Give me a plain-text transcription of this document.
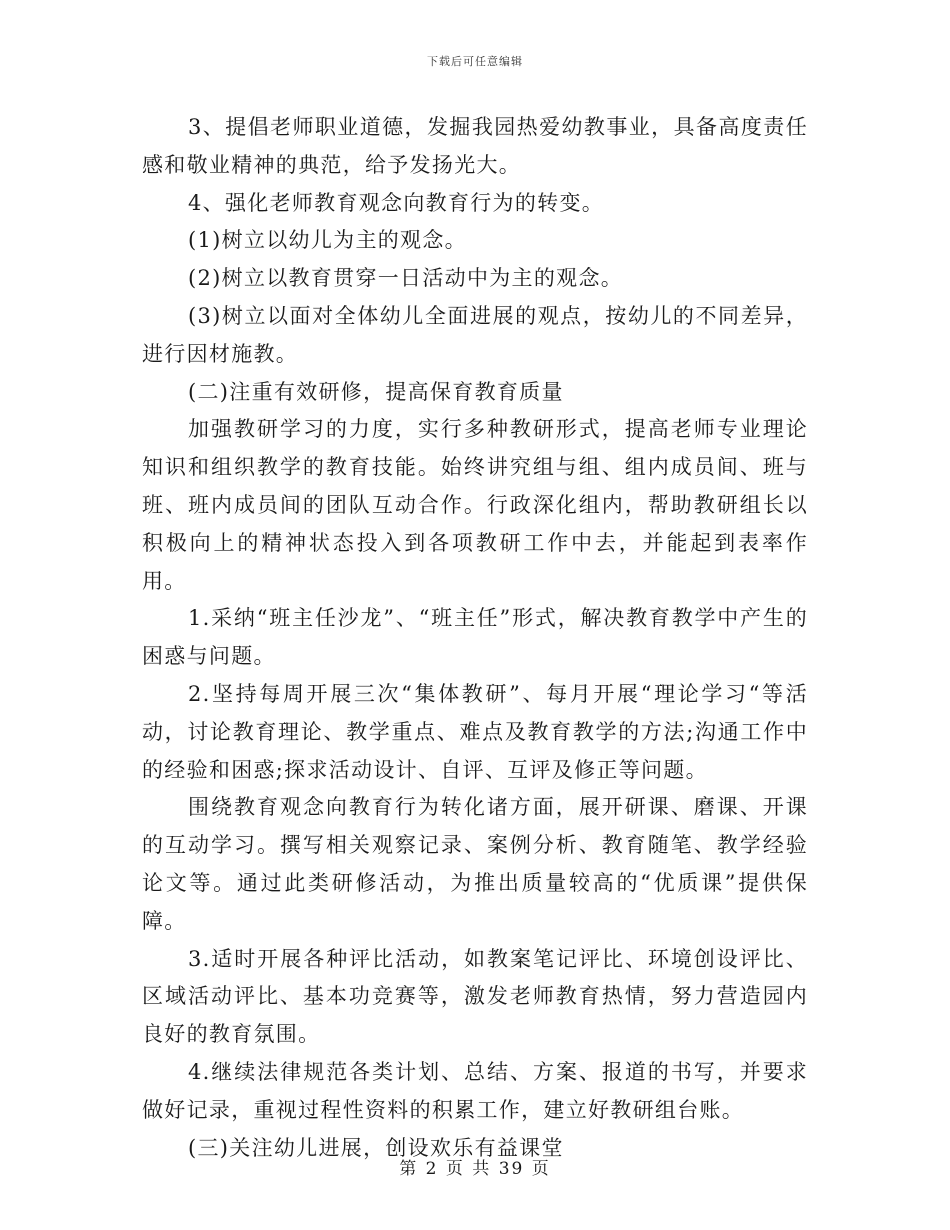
下载后可任意编辑

3、提倡老师职业道德，发掘我园热爱幼教事业，具备高度责任感和敬业精神的典范，给予发扬光大。

4、强化老师教育观念向教育行为的转变。

(1)树立以幼儿为主的观念。

(2)树立以教育贯穿一日活动中为主的观念。

(3)树立以面对全体幼儿全面进展的观点，按幼儿的不同差异，进行因材施教。

(二)注重有效研修，提高保育教育质量

加强教研学习的力度，实行多种教研形式，提高老师专业理论知识和组织教学的教育技能。始终讲究组与组、组内成员间、班与班、班内成员间的团队互动合作。行政深化组内，帮助教研组长以积极向上的精神状态投入到各项教研工作中去，并能起到表率作用。

1.采纳“班主任沙龙”、“班主任”形式，解决教育教学中产生的困惑与问题。

2.坚持每周开展三次“集体教研”、每月开展“理论学习“等活动，讨论教育理论、教学重点、难点及教育教学的方法;沟通工作中的经验和困惑;探求活动设计、自评、互评及修正等问题。

围绕教育观念向教育行为转化诸方面，展开研课、磨课、开课的互动学习。撰写相关观察记录、案例分析、教育随笔、教学经验论文等。通过此类研修活动，为推出质量较高的“优质课”提供保障。

3.适时开展各种评比活动，如教案笔记评比、环境创设评比、区域活动评比、基本功竞赛等，激发老师教育热情，努力营造园内良好的教育氛围。

4.继续法律规范各类计划、总结、方案、报道的书写，并要求做好记录，重视过程性资料的积累工作，建立好教研组台账。

(三)关注幼儿进展，创设欢乐有益课堂

第 2 页 共 39 页
